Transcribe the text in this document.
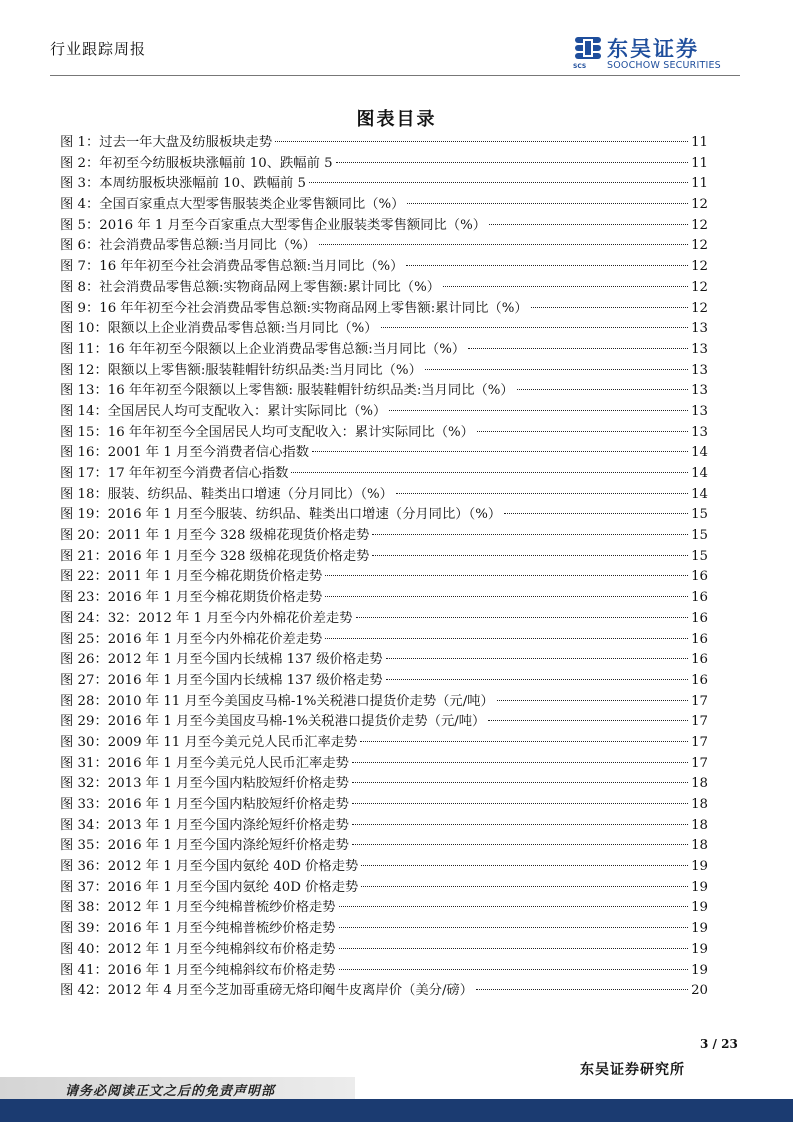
行业跟踪周报
SCS
东吴证券
SOOCHOW SECURITIES
图表目录
图 1：过去一年大盘及纺服板块走势	11
图 2：年初至今纺服板块涨幅前 10、跌幅前 5	11
图 3：本周纺服板块涨幅前 10、跌幅前 5	11
图 4：全国百家重点大型零售服装类企业零售额同比（%）	12
图 5：2016 年 1 月至今百家重点大型零售企业服装类零售额同比（%）	12
图 6：社会消费品零售总额:当月同比（%）	12
图 7：16 年年初至今社会消费品零售总额:当月同比（%）	12
图 8：社会消费品零售总额:实物商品网上零售额:累计同比（%）	12
图 9：16 年年初至今社会消费品零售总额:实物商品网上零售额:累计同比（%）	12
图 10：限额以上企业消费品零售总额:当月同比（%）	13
图 11：16 年年初至今限额以上企业消费品零售总额:当月同比（%）	13
图 12：限额以上零售额:服装鞋帽针纺织品类:当月同比（%）	13
图 13：16 年年初至今限额以上零售额: 服装鞋帽针纺织品类:当月同比（%）	13
图 14：全国居民人均可支配收入：累计实际同比（%）	13
图 15：16 年年初至今全国居民人均可支配收入：累计实际同比（%）	13
图 16：2001 年 1 月至今消费者信心指数	14
图 17：17 年年初至今消费者信心指数	14
图 18：服装、纺织品、鞋类出口增速（分月同比）（%）	14
图 19：2016 年 1 月至今服装、纺织品、鞋类出口增速（分月同比）（%）	15
图 20：2011 年 1 月至今 328 级棉花现货价格走势	15
图 21：2016 年 1 月至今 328 级棉花现货价格走势	15
图 22：2011 年 1 月至今棉花期货价格走势	16
图 23：2016 年 1 月至今棉花期货价格走势	16
图 24：32：2012 年 1 月至今内外棉花价差走势	16
图 25：2016 年 1 月至今内外棉花价差走势	16
图 26：2012 年 1 月至今国内长绒棉 137 级价格走势	16
图 27：2016 年 1 月至今国内长绒棉 137 级价格走势	16
图 28：2010 年 11 月至今美国皮马棉-1%关税港口提货价走势（元/吨）	17
图 29：2016 年 1 月至今美国皮马棉-1%关税港口提货价走势（元/吨）	17
图 30：2009 年 11 月至今美元兑人民币汇率走势	17
图 31：2016 年 1 月至今美元兑人民币汇率走势	17
图 32：2013 年 1 月至今国内粘胶短纤价格走势	18
图 33：2016 年 1 月至今国内粘胶短纤价格走势	18
图 34：2013 年 1 月至今国内涤纶短纤价格走势	18
图 35：2016 年 1 月至今国内涤纶短纤价格走势	18
图 36：2012 年 1 月至今国内氨纶 40D 价格走势	19
图 37：2016 年 1 月至今国内氨纶 40D 价格走势	19
图 38：2012 年 1 月至今纯棉普梳纱价格走势	19
图 39：2016 年 1 月至今纯棉普梳纱价格走势	19
图 40：2012 年 1 月至今纯棉斜纹布价格走势	19
图 41：2016 年 1 月至今纯棉斜纹布价格走势	19
图 42：2012 年 4 月至今芝加哥重磅无烙印阉牛皮离岸价（美分/磅）	20
3 / 23
东吴证券研究所
请务必阅读正文之后的免责声明部
